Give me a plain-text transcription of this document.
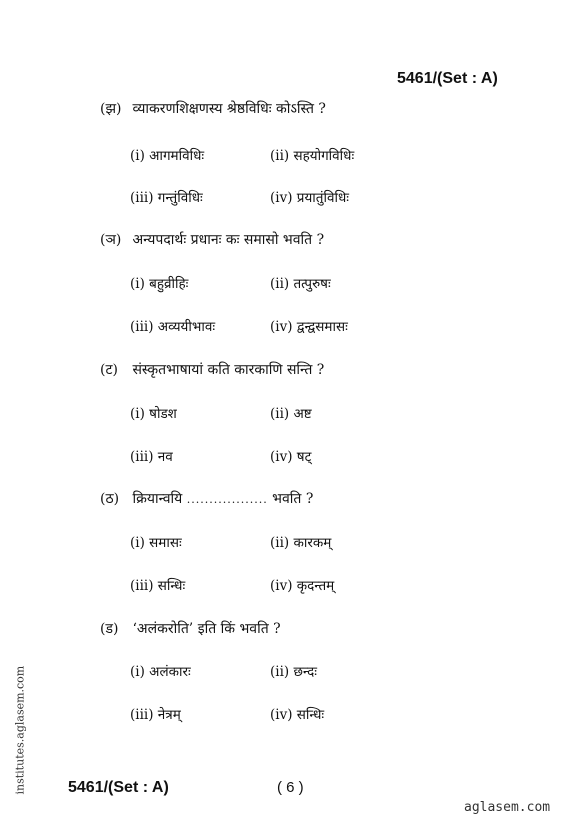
5461/(Set : A)
(झ) व्याकरणशिक्षणस्य श्रेष्ठविधिः कोऽस्ति ?
(i) आगमविधिः	(ii) सहयोगविधिः
(iii) गन्तुंविधिः	(iv) प्रयातुंविधिः
(ञ) अन्यपदार्थः प्रधानः कः समासो भवति ?
(i) बहुव्रीहिः	(ii) तत्पुरुषः
(iii) अव्ययीभावः	(iv) द्वन्द्वसमासः
(ट) संस्कृतभाषायां कति कारकाणि सन्ति ?
(i) षोडश	(ii) अष्ट
(iii) नव	(iv) षट्
(ठ) क्रियान्वयि .................. भवति ?
(i) समासः	(ii) कारकम्
(iii) सन्धिः	(iv) कृदन्तम्
(ड) ‘अलंकरोति’ इति किं भवति ?
(i) अलंकारः	(ii) छन्दः
(iii) नेत्रम्	(iv) सन्धिः
institutes.aglasem.com	5461/(Set : A)	( 6 )
aglasem.com
